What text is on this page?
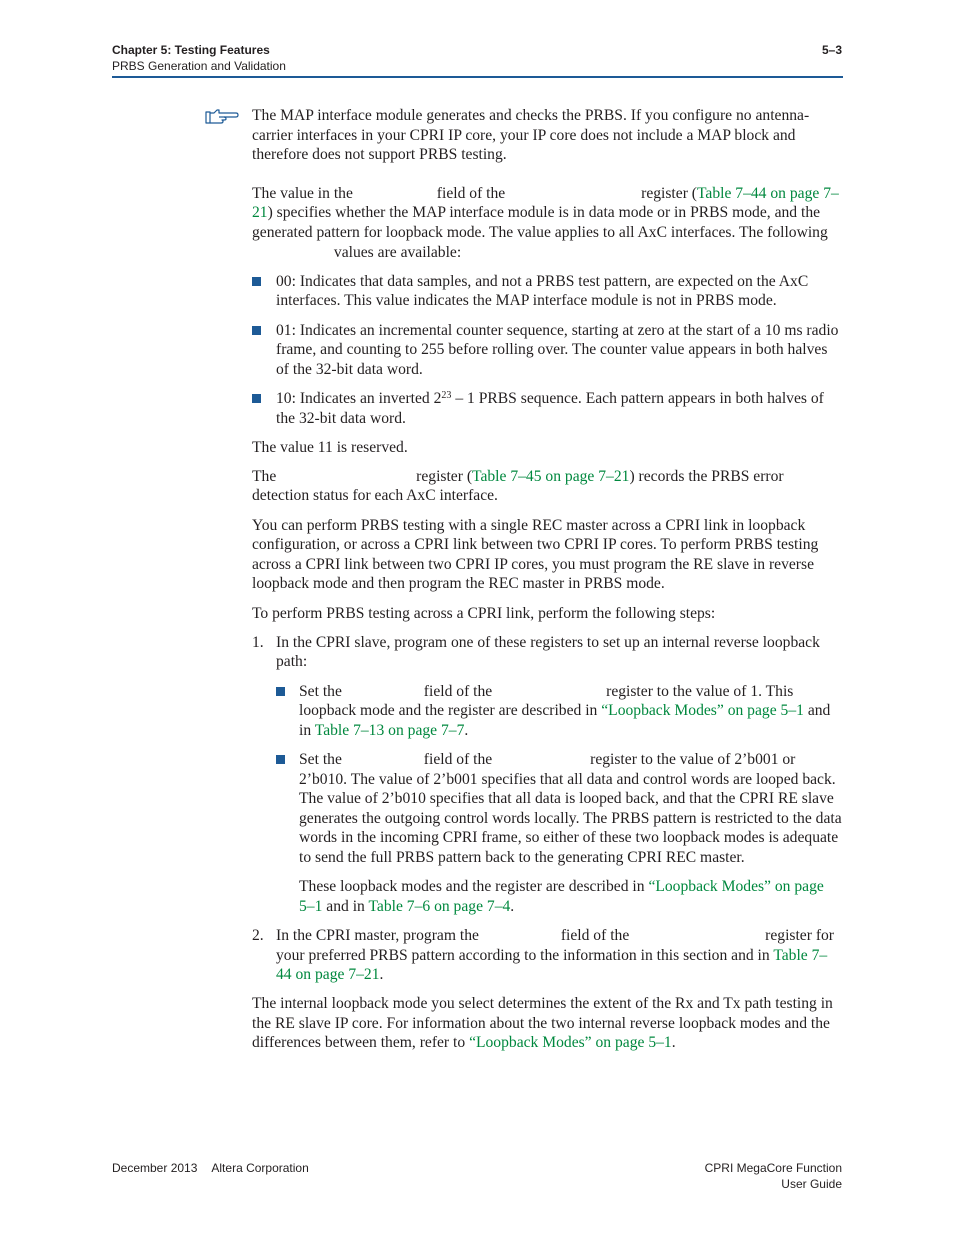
Chapter 5: Testing Features
PRBS Generation and Validation
5–3

The MAP interface module generates and checks the PRBS. If you configure no antenna-carrier interfaces in your CPRI IP core, your IP core does not include a MAP block and therefore does not support PRBS testing.

The value in the	field of the	register (Table 7–44 on page 7–21) specifies whether the MAP interface module is in data mode or in PRBS mode, and the generated pattern for loopback mode. The value applies to all AxC interfaces. The following values are available:

00: Indicates that data samples, and not a PRBS test pattern, are expected on the AxC interfaces. This value indicates the MAP interface module is not in PRBS mode.
01: Indicates an incremental counter sequence, starting at zero at the start of a 10 ms radio frame, and counting to 255 before rolling over. The counter value appears in both halves of the 32-bit data word.
10: Indicates an inverted $2^{23} - 1$ PRBS sequence. Each pattern appears in both halves of the 32-bit data word.

The value 11 is reserved.

The	register (Table 7–45 on page 7–21) records the PRBS error detection status for each AxC interface.

You can perform PRBS testing with a single REC master across a CPRI link in loopback configuration, or across a CPRI link between two CPRI IP cores. To perform PRBS testing across a CPRI link between two CPRI IP cores, you must program the RE slave in reverse loopback mode and then program the REC master in PRBS mode.

To perform PRBS testing across a CPRI link, perform the following steps:

1. In the CPRI slave, program one of these registers to set up an internal reverse loopback path:
Set the	field of the	register to the value of 1. This loopback mode and the register are described in “Loopback Modes” on page 5–1 and in Table 7–13 on page 7–7.

Set the	field of the	register to the value of 2’b001 or 2’b010. The value of 2’b001 specifies that all data and control words are looped back. The value of 2’b010 specifies that all data is looped back, and that the CPRI RE slave generates the outgoing control words locally. The PRBS pattern is restricted to the data words in the incoming CPRI frame, so either of these two loopback modes is adequate to send the full PRBS pattern back to the generating CPRI REC master.

These loopback modes and the register are described in “Loopback Modes” on page 5–1 and in Table 7–6 on page 7–4.

2. In the CPRI master, program the	field of the	register for your preferred PRBS pattern according to the information in this section and in Table 7–44 on page 7–21.

The internal loopback mode you select determines the extent of the Rx and Tx path testing in the RE slave IP core. For information about the two internal reverse loopback modes and the differences between them, refer to “Loopback Modes” on page 5–1.

December 2013 Altera Corporation	CPRI MegaCore Function
User Guide
